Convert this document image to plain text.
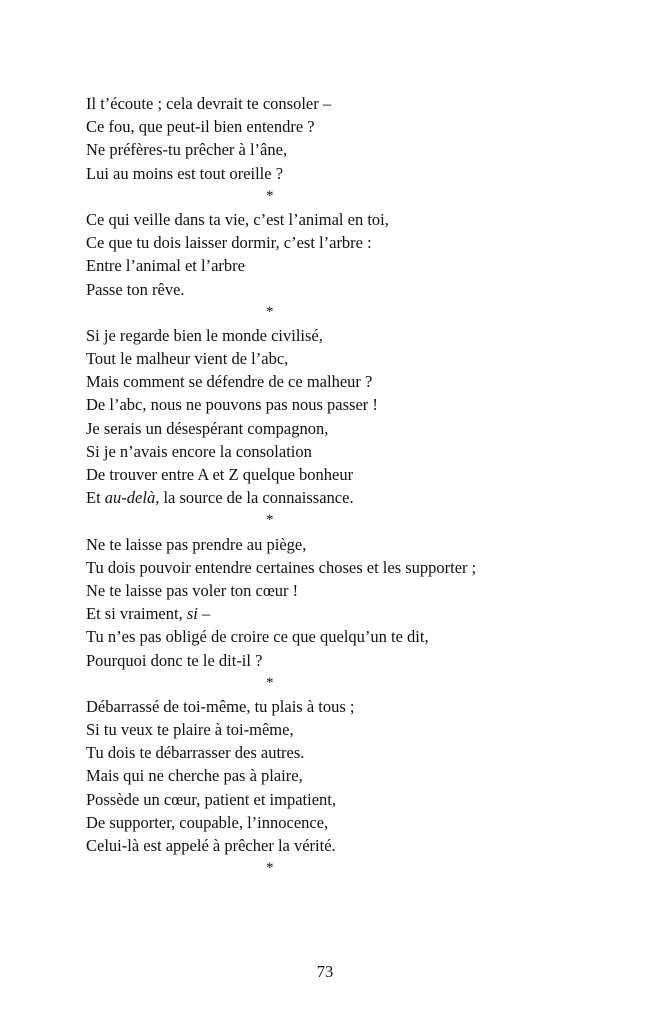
Il t’écoute ; cela devrait te consoler –
Ce fou, que peut-il bien entendre ?
Ne préfères-tu prêcher à l’âne,
Lui au moins est tout oreille ?
*
Ce qui veille dans ta vie, c’est l’animal en toi,
Ce que tu dois laisser dormir, c’est l’arbre :
Entre l’animal et l’arbre
Passe ton rêve.
*
Si je regarde bien le monde civilisé,
Tout le malheur vient de l’abc,
Mais comment se défendre de ce malheur ?
De l’abc, nous ne pouvons pas nous passer !
Je serais un désespérant compagnon,
Si je n’avais encore la consolation
De trouver entre A et Z quelque bonheur
Et au-delà, la source de la connaissance.
*
Ne te laisse pas prendre au piège,
Tu dois pouvoir entendre certaines choses et les supporter ;
Ne te laisse pas voler ton cœur !
Et si vraiment, si –
Tu n’es pas obligé de croire ce que quelqu’un te dit,
Pourquoi donc te le dit-il ?
*
Débarrassé de toi-même, tu plais à tous ;
Si tu veux te plaire à toi-même,
Tu dois te débarrasser des autres.
Mais qui ne cherche pas à plaire,
Possède un cœur, patient et impatient,
De supporter, coupable, l’innocence,
Celui-là est appelé à prêcher la vérité.
*
73
